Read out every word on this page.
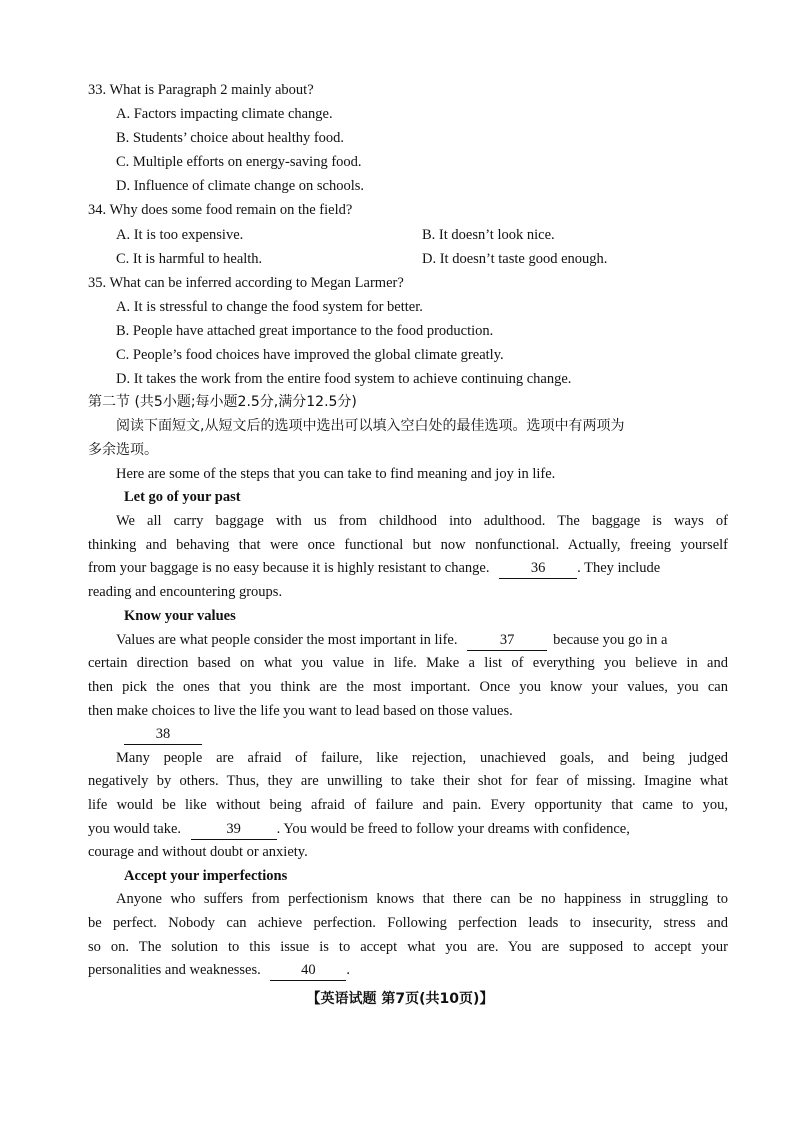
33. What is Paragraph 2 mainly about?
A. Factors impacting climate change.
B. Students’ choice about healthy food.
C. Multiple efforts on energy-saving food.
D. Influence of climate change on schools.
34. Why does some food remain on the field?
A. It is too expensive.	B. It doesn’t look nice.
C. It is harmful to health.	D. It doesn’t taste good enough.
35. What can be inferred according to Megan Larmer?
A. It is stressful to change the food system for better.
B. People have attached great importance to the food production.
C. People’s food choices have improved the global climate greatly.
D. It takes the work from the entire food system to achieve continuing change.
第二节 (共5小题;每小题2.5分,满分12.5分)
阅读下面短文,从短文后的选项中选出可以填入空白处的最佳选项。选项中有两项为
多余选项。
Here are some of the steps that you can take to find meaning and joy in life.
Let go of your past
We all carry baggage with us from childhood into adulthood. The baggage is ways of
thinking and behaving that were once functional but now nonfunctional. Actually, freeing yourself
from your baggage is no easy because it is highly resistant to change.	36 . They include
reading and encountering groups.
Know your values
Values are what people consider the most important in life.	37	because you go in a
certain direction based on what you value in life. Make a list of everything you believe in and
then pick the ones that you think are the most important. Once you know your values, you can
then make choices to live the life you want to lead based on those values.
38
Many people are afraid of failure, like rejection, unachieved goals, and being judged
negatively by others. Thus, they are unwilling to take their shot for fear of missing. Imagine what
life would be like without being afraid of failure and pain. Every opportunity that came to you,
you would take.	39 . You would be freed to follow your dreams with confidence,
courage and without doubt or anxiety.
Accept your imperfections
Anyone who suffers from perfectionism knows that there can be no happiness in struggling to
be perfect. Nobody can achieve perfection. Following perfection leads to insecurity, stress and
so on. The solution to this issue is to accept what you are. You are supposed to accept your
personalities and weaknesses.	40 .
【英语试题 第7页(共10页)】
